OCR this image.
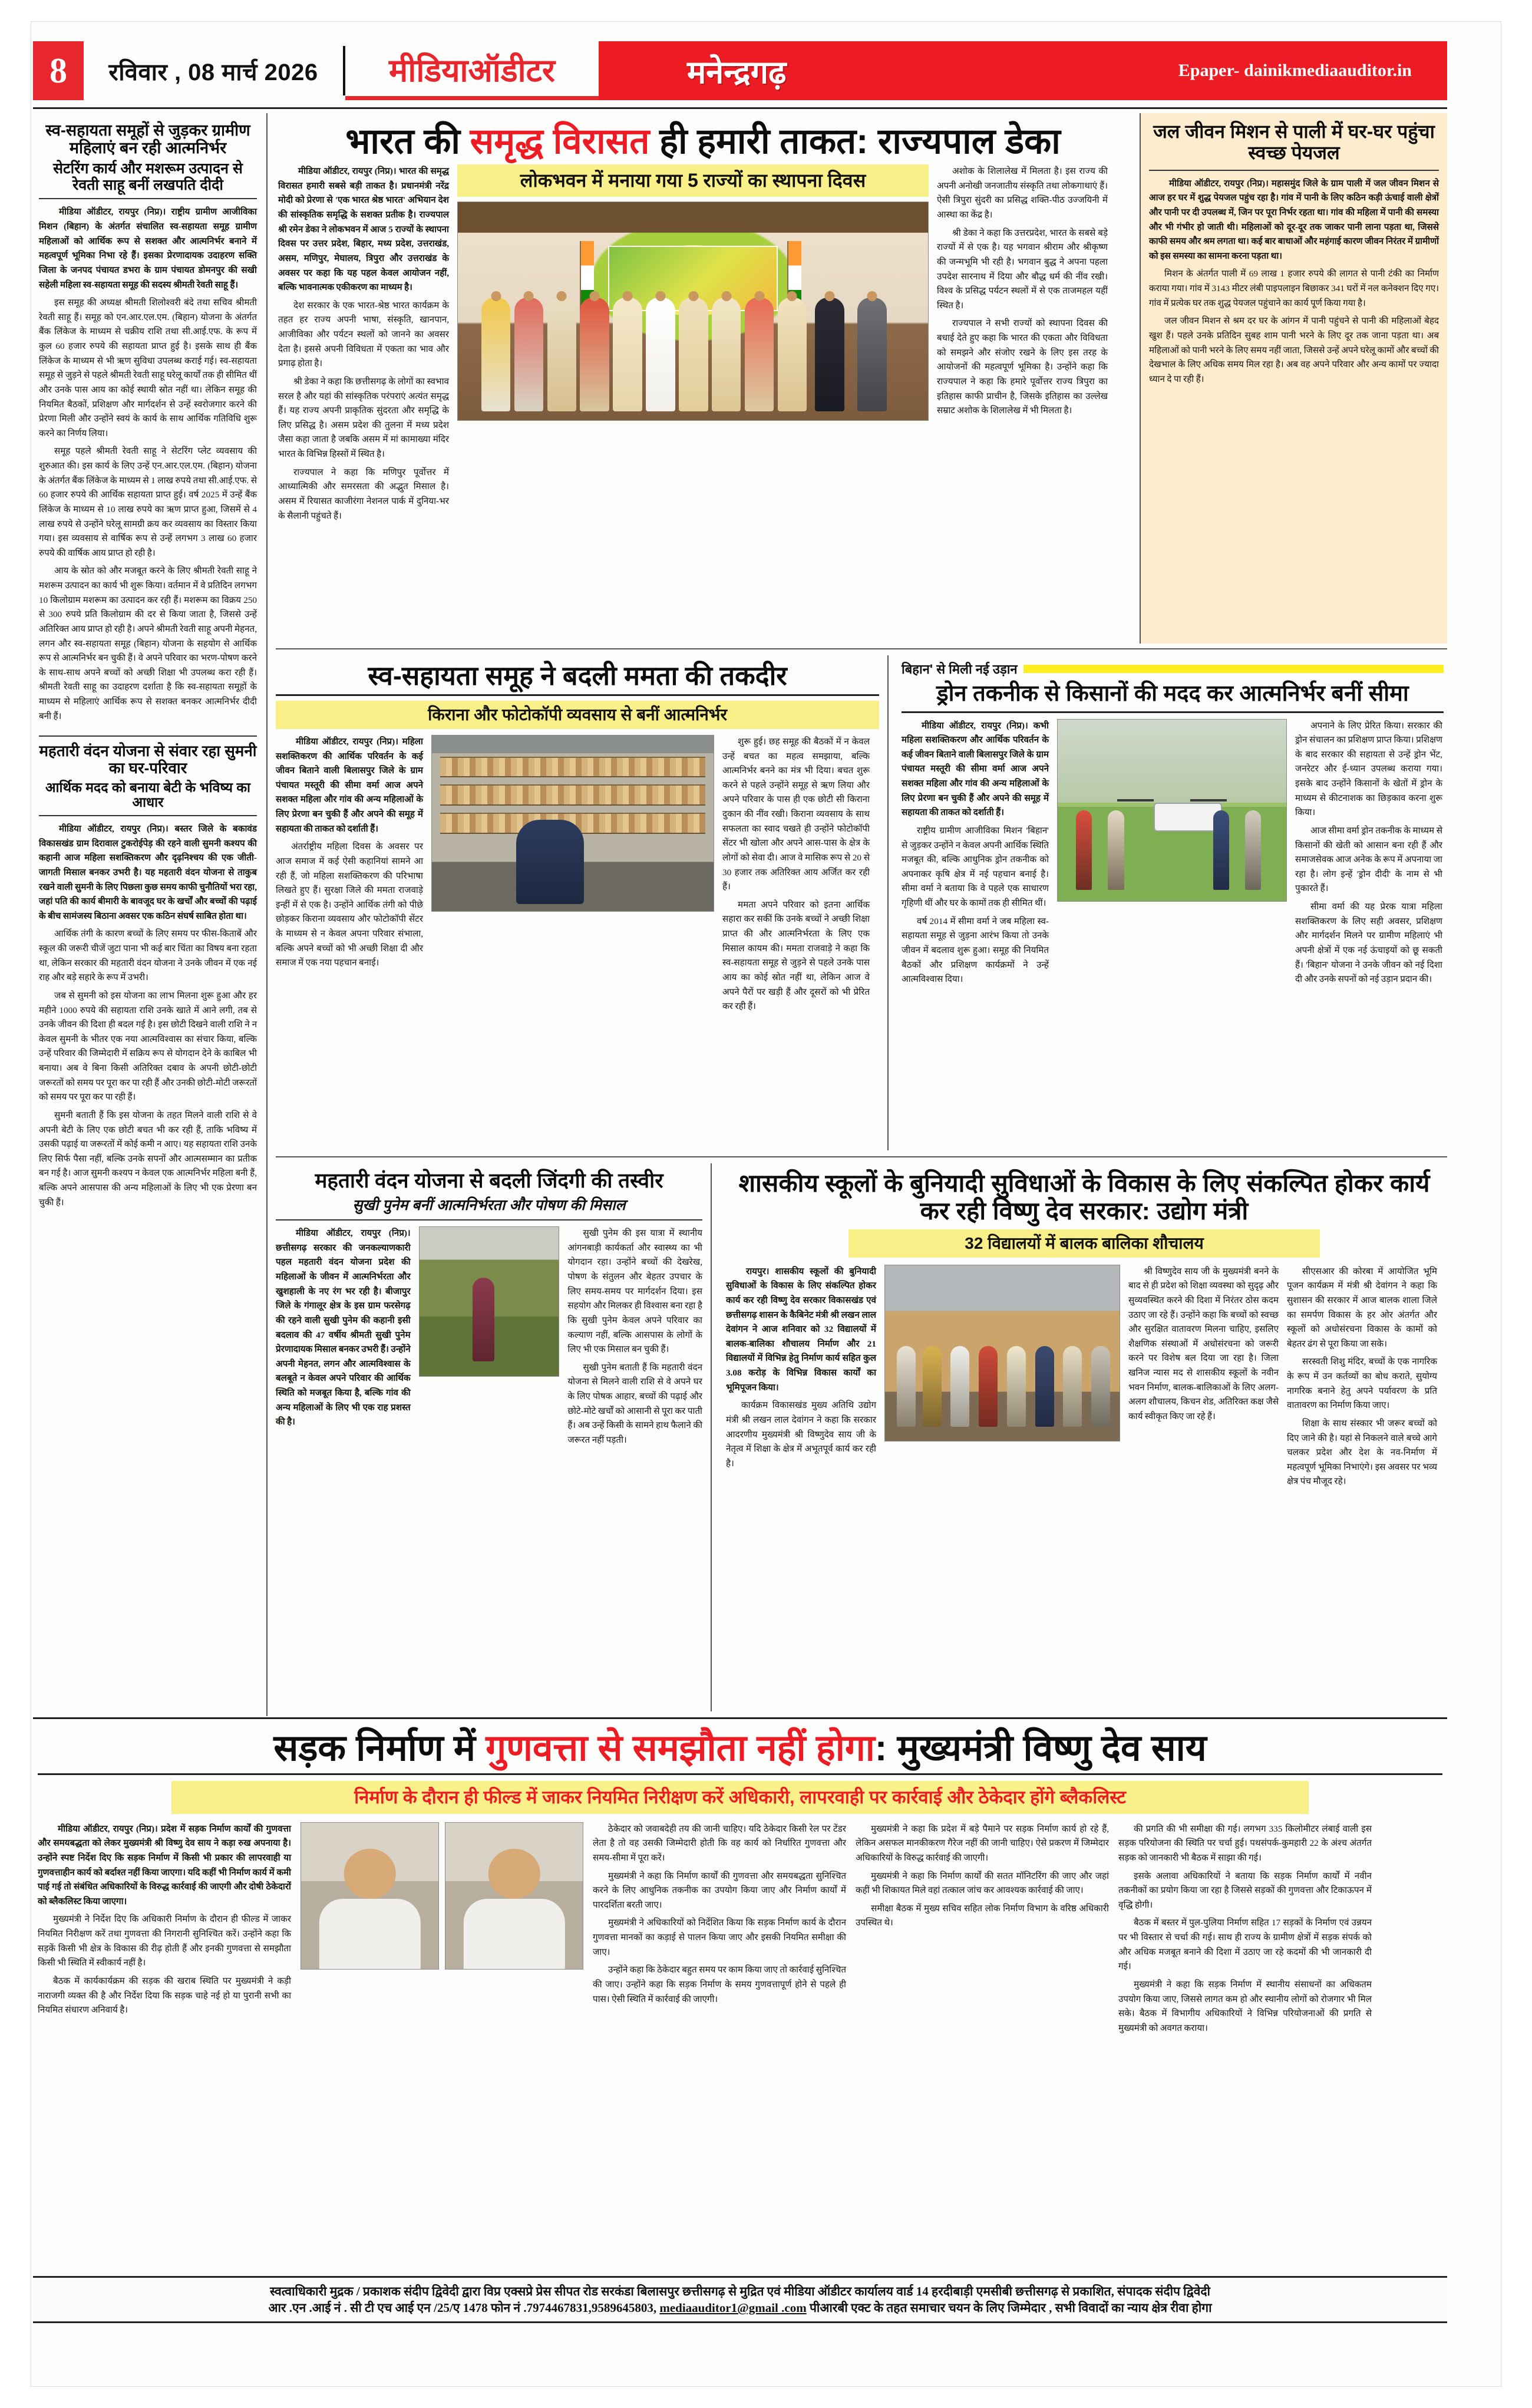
8	रविवार , 08 मार्च 2026	मीडियाऑडीटर	मनेन्द्रगढ़	Epaper- dainikmediaauditor.in
स्व-सहायता समूहों से जुड़कर ग्रामीण महिलाएं बन रही आत्मनिर्भर
सेटरिंग कार्य और मशरूम उत्पादन से रेवती साहू बनीं लखपति दीदी

मीडिया ऑडीटर, रायपुर (निप्र)। राष्ट्रीय ग्रामीण आजीविका मिशन (बिहान) के अंतर्गत संचालित स्व-सहायता समूह ग्रामीण महिलाओं को आर्थिक रूप से सशक्त और आत्मनिर्भर बनाने में महत्वपूर्ण भूमिका निभा रहे हैं। इसका प्रेरणादायक उदाहरण सक्ति जिला के जनपद पंचायत डभरा के ग्राम पंचायत डोमनपुर की सखी सहेली महिला स्व-सहायता समूह की सदस्य श्रीमती रेवती साहू हैं।

इस समूह की अध्यक्ष श्रीमती शिलोश्वरी बंदे तथा सचिव श्रीमती रेवती साहू हैं। समूह को एन.आर.एल.एम. (बिहान) योजना के अंतर्गत बैंक लिंकेज के माध्यम से चक्रीय राशि तथा सी.आई.एफ. के रूप में कुल 60 हजार रुपये की सहायता प्राप्त हुई है। इसके साथ ही बैंक लिंकेज के माध्यम से भी ऋण सुविधा उपलब्ध कराई गई। स्व-सहायता समूह से जुड़ने से पहले श्रीमती रेवती साहू घरेलू कार्यों तक ही सीमित थीं और उनके पास आय का कोई स्थायी स्रोत नहीं था। लेकिन समूह की नियमित बैठकों, प्रशिक्षण और मार्गदर्शन से उन्हें स्वरोजगार करने की प्रेरणा मिली और उन्होंने स्वयं के कार्य के साथ आर्थिक गतिविधि शुरू करने का निर्णय लिया।

समूह पहले श्रीमती रेवती साहू ने सेटरिंग प्लेट व्यवसाय की शुरुआत की। इस कार्य के लिए उन्हें एन.आर.एल.एम. (बिहान) योजना के अंतर्गत बैंक लिंकेज के माध्यम से 1 लाख रुपये तथा सी.आई.एफ. से 60 हजार रुपये की आर्थिक सहायता प्राप्त हुई। वर्ष 2025 में उन्हें बैंक लिंकेज के माध्यम से 10 लाख रुपये का ऋण प्राप्त हुआ, जिसमें से 4 लाख रुपये से उन्होंने घरेलू सामग्री क्रय कर व्यवसाय का विस्तार किया गया। इस व्यवसाय से वार्षिक रूप से उन्हें लगभग 3 लाख 60 हजार रुपये की वार्षिक आय प्राप्त हो रही है।

आय के स्रोत को और मजबूत करने के लिए श्रीमती रेवती साहू ने मशरूम उत्पादन का कार्य भी शुरू किया। वर्तमान में वे प्रतिदिन लगभग 10 किलोग्राम मशरूम का उत्पादन कर रही हैं। मशरूम का विक्रय 250 से 300 रुपये प्रति किलोग्राम की दर से किया जाता है, जिससे उन्हें अतिरिक्त आय प्राप्त हो रही है। अपने श्रीमती रेवती साहू अपनी मेहनत, लगन और स्व-सहायता समूह (बिहान) योजना के सहयोग से आर्थिक रूप से आत्मनिर्भर बन चुकी हैं। वे अपने परिवार का भरण-पोषण करने के साथ-साथ अपने बच्चों को अच्छी शिक्षा भी उपलब्ध करा रही हैं। श्रीमती रेवती साहू का उदाहरण दर्शाता है कि स्व-सहायता समूहों के माध्यम से महिलाएं आर्थिक रूप से सशक्त बनकर आत्मनिर्भर दीदी बनी हैं।

महतारी वंदन योजना से संवार रहा सुमनी का घर-परिवार
आर्थिक मदद को बनाया बेटी के भविष्य का आधार

मीडिया ऑडीटर, रायपुर (निप्र)। बस्तर जिले के बकावंड विकासखंड ग्राम दिरावाल टुकरोईपेड़ की रहने वाली सुमनी कश्यप की कहानी आज महिला सशक्तिकरण और दृढ़निश्चय की एक जीती-जागती मिसाल बनकर उभरी है। यह महतारी वंदन योजना से ताकुब रखने वाली सुमनी के लिए पिछला कुछ समय काफी चुनौतियों भरा रहा, जहां पति की कार्य बीमारी के बावजूद घर के खर्चों और बच्चों की पढ़ाई के बीच सामंजस्य बिठाना अवसर एक कठिन संघर्ष साबित होता था।

आर्थिक तंगी के कारण बच्चों के लिए समय पर फीस-किताबें और स्कूल की जरूरी चीजें जुटा पाना भी कई बार चिंता का विषय बना रहता था, लेकिन सरकार की महतारी वंदन योजना ने उनके जीवन में एक नई राह और बड़े सहारे के रूप में उभरी।

जब से सुमनी को इस योजना का लाभ मिलना शुरू हुआ और हर महीने 1000 रुपये की सहायता राशि उनके खाते में आने लगी, तब से उनके जीवन की दिशा ही बदल गई है। इस छोटी दिखने वाली राशि ने न केवल सुमनी के भीतर एक नया आत्मविश्वास का संचार किया, बल्कि उन्हें परिवार की जिम्मेदारी में सक्रिय रूप से योगदान देने के काबिल भी बनाया। अब वे बिना किसी अतिरिक्त दबाव के अपनी छोटी-छोटी जरूरतों को समय पर पूरा कर पा रही हैं और उनकी छोटी-मोटी जरूरतों को समय पर पूरा कर पा रही हैं।

सुमनी बताती हैं कि इस योजना के तहत मिलने वाली राशि से वे अपनी बेटी के लिए एक छोटी बचत भी कर रही हैं, ताकि भविष्य में उसकी पढ़ाई या जरूरतों में कोई कमी न आए। यह सहायता राशि उनके लिए सिर्फ पैसा नहीं, बल्कि उनके सपनों और आत्मसम्मान का प्रतीक बन गई है। आज सुमनी कश्यप न केवल एक आत्मनिर्भर महिला बनी हैं, बल्कि अपने आसपास की अन्य महिलाओं के लिए भी एक प्रेरणा बन चुकी हैं।

भारत की समृद्ध विरासत ही हमारी ताकत: राज्यपाल डेका

मीडिया ऑडीटर, रायपुर (निप्र)। भारत की समृद्ध विरासत हमारी सबसे बड़ी ताकत है। प्रधानमंत्री नरेंद्र मोदी को प्रेरणा से 'एक भारत श्रेष्ठ भारत' अभियान देश की सांस्कृतिक समृद्धि के सशक्त प्रतीक है। राज्यपाल श्री रमेन डेका ने लोकभवन में आज 5 राज्यों के स्थापना दिवस पर उत्तर प्रदेश, बिहार, मध्य प्रदेश, उत्तराखंड, असम, मणिपुर, मेघालय, त्रिपुरा और उत्तराखंड के अवसर पर कहा कि यह पहल केवल आयोजन नहीं, बल्कि भावनात्मक एकीकरण का माध्यम है।

देश सरकार के एक भारत-श्रेष्ठ भारत कार्यक्रम के तहत हर राज्य अपनी भाषा, संस्कृति, खानपान, आजीविका और पर्यटन स्थलों को जानने का अवसर देता है। इससे अपनी विविधता में एकता का भाव और प्रगाढ़ होता है।

श्री डेका ने कहा कि छत्तीसगढ़ के लोगों का स्वभाव सरल है और यहां की सांस्कृतिक परंपराएं अत्यंत समृद्ध हैं। यह राज्य अपनी प्राकृतिक सुंदरता और समृद्धि के लिए प्रसिद्ध है। असम प्रदेश की तुलना में मध्य प्रदेश जैसा कहा जाता है जबकि असम में मां कामाख्या मंदिर भारत के विभिन्न हिस्सों में स्थित है।

राज्यपाल ने कहा कि मणिपुर पूर्वोत्तर में आध्यात्मिकी और समरसता की अद्भुत मिसाल है। असम में रियासत काजीरंगा नेशनल पार्क में दुनिया-भर के सैलानी पहुंचते हैं।

लोकभवन में मनाया गया 5 राज्यों का स्थापना दिवस	अशोक के शिलालेख में मिलता है। इस राज्य की अपनी अनोखी जनजातीय संस्कृति तथा लोकगाथाएं हैं। ऐसी त्रिपुरा सुंदरी का प्रसिद्ध शक्ति-पीठ उज्जयिनी में आस्था का केंद्र है।

श्री डेका ने कहा कि उत्तरप्रदेश, भारत के सबसे बड़े राज्यों में से एक है। यह भगवान श्रीराम और श्रीकृष्ण की जन्मभूमि भी रही है। भगवान बुद्ध ने अपना पहला उपदेश सारनाथ में दिया और बौद्ध धर्म की नींव रखी। विश्व के प्रसिद्ध पर्यटन स्थलों में से एक ताजमहल यहीं स्थित है।

राज्यपाल ने सभी राज्यों को स्थापना दिवस की बधाई देते हुए कहा कि भारत की एकता और विविधता को समझने और संजोए रखने के लिए इस तरह के आयोजनों की महत्वपूर्ण भूमिका है। उन्होंने कहा कि राज्यपाल ने कहा कि हमारे पूर्वोत्तर राज्य त्रिपुरा का इतिहास काफी प्राचीन है, जिसके इतिहास का उल्लेख सम्राट अशोक के शिलालेख में भी मिलता है।

जल जीवन मिशन से पाली में घर-घर पहुंचा स्वच्छ पेयजल

मीडिया ऑडीटर, रायपुर (निप्र)। महासमुंद जिले के ग्राम पाली में जल जीवन मिशन से आज हर घर में शुद्ध पेयजल पहुंच रहा है। गांव में पानी के लिए कठिन कड़ी ऊंचाई वाली क्षेत्रों और पानी पर दी उपलब्ध में, जिन पर पूरा निर्भर रहता था। गांव की महिला में पानी की समस्या और भी गंभीर हो जाती थी। महिलाओं को दूर-दूर तक जाकर पानी लाना पड़ता था, जिससे काफी समय और श्रम लगता था। कई बार बाधाओं और महंगाई कारण जीवन निरंतर में ग्रामीणों को इस समस्या का सामना करना पड़ता था।

मिशन के अंतर्गत पाली में 69 लाख 1 हजार रुपये की लागत से पानी टंकी का निर्माण कराया गया। गांव में 3143 मीटर लंबी पाइपलाइन बिछाकर 341 घरों में नल कनेक्शन दिए गए। गांव में प्रत्येक घर तक शुद्ध पेयजल पहुंचाने का कार्य पूर्ण किया गया है।

जल जीवन मिशन से श्रम दर घर के आंगन में पानी पहुंचने से पानी की महिलाओं बेहद खुश हैं। पहले उनके प्रतिदिन सुबह शाम पानी भरने के लिए दूर तक जाना पड़ता था। अब महिलाओं को पानी भरने के लिए समय नहीं जाता, जिससे उन्हें अपने घरेलू कामों और बच्चों की देखभाल के लिए अधिक समय मिल रहा है। अब वह अपने परिवार और अन्य कामों पर ज्यादा ध्यान दे पा रही हैं।

स्व-सहायता समूह ने बदली ममता की तकदीर
किराना और फोटोकॉपी व्यवसाय से बनीं आत्मनिर्भर

मीडिया ऑडीटर, रायपुर (निप्र)। महिला सशक्तिकरण की आर्थिक परिवर्तन के कई जीवन बिताने वाली बिलासपुर जिले के ग्राम पंचायत मस्तूरी की सीमा वर्मा आज अपने सशक्त महिला और गांव की अन्य महिलाओं के लिए प्रेरणा बन चुकी हैं और अपने की समूह में सहायता की ताकत को दर्शाती हैं।

अंतर्राष्ट्रीय महिला दिवस के अवसर पर आज समाज में कई ऐसी कहानियां सामने आ रही हैं, जो महिला सशक्तिकरण की परिभाषा लिखते हुए हैं। सुरक्षा जिले की ममता राजवाड़े इन्हीं में से एक है। उन्होंने आर्थिक तंगी को पीछे छोड़कर किराना व्यवसाय और फोटोकॉपी सेंटर के माध्यम से न केवल अपना परिवार संभाला, बल्कि अपने बच्चों को भी अच्छी शिक्षा दी और समाज में एक नया पहचान बनाई।

शुरू हुई। छह समूह की बैठकों में न केवल उन्हें बचत का महत्व समझाया, बल्कि आत्मनिर्भर बनने का मंत्र भी दिया। बचत शुरू करने से पहले उन्होंने समूह से ऋण लिया और अपने परिवार के पास ही एक छोटी सी किराना दुकान की नींव रखी। किराना व्यवसाय के साथ सफलता का स्वाद चखते ही उन्होंने फोटोकॉपी सेंटर भी खोला और अपने आस-पास के क्षेत्र के लोगों को सेवा दी। आज वे मासिक रूप से 20 से 30 हजार तक अतिरिक्त आय अर्जित कर रही हैं।

ममता अपने परिवार को इतना आर्थिक सहारा कर सकीं कि उनके बच्चों ने अच्छी शिक्षा प्राप्त की और आत्मनिर्भरता के लिए एक मिसाल कायम की। ममता राजवाड़े ने कहा कि स्व-सहायता समूह से जुड़ने से पहले उनके पास आय का कोई स्रोत नहीं था, लेकिन आज वे अपने पैरों पर खड़ी हैं और दूसरों को भी प्रेरित कर रही हैं।

बिहान' से मिली नई उड़ान
ड्रोन तकनीक से किसानों की मदद कर आत्मनिर्भर बनीं सीमा

मीडिया ऑडीटर, रायपुर (निप्र)। कभी महिला सशक्तिकरण और आर्थिक परिवर्तन के कई जीवन बिताने वाली बिलासपुर जिले के ग्राम पंचायत मस्तूरी की सीमा वर्मा आज अपने सशक्त महिला और गांव की अन्य महिलाओं के लिए प्रेरणा बन चुकी हैं और अपने की समूह में सहायता की ताकत को दर्शाती हैं।

राष्ट्रीय ग्रामीण आजीविका मिशन 'बिहान' से जुड़कर उन्होंने न केवल अपनी आर्थिक स्थिति मजबूत की, बल्कि आधुनिक ड्रोन तकनीक को अपनाकर कृषि क्षेत्र में नई पहचान बनाई है। सीमा वर्मा ने बताया कि वे पहले एक साधारण गृहिणी थीं और घर के कामों तक ही सीमित थीं।

वर्ष 2014 में सीमा वर्मा ने जब महिला स्व-सहायता समूह से जुड़ना आरंभ किया तो उनके जीवन में बदलाव शुरू हुआ। समूह की नियमित बैठकों और प्रशिक्षण कार्यक्रमों ने उन्हें आत्मविश्वास दिया।

अपनाने के लिए प्रेरित किया। सरकार की ड्रोन संचालन का प्रशिक्षण प्राप्त किया। प्रशिक्षण के बाद सरकार की सहायता से उन्हें ड्रोन भेंट, जनरेटर और ई-ध्यान उपलब्ध कराया गया। इसके बाद उन्होंने किसानों के खेतों में ड्रोन के माध्यम से कीटनाशक का छिड़काव करना शुरू किया।

आज सीमा वर्मा ड्रोन तकनीक के माध्यम से किसानों की खेती को आसान बना रही हैं और समाजसेवक आज अनेक के रूप में अपनाया जा रहा है। लोग इन्हें 'ड्रोन दीदी' के नाम से भी पुकारते हैं।

सीमा वर्मा की यह प्रेरक यात्रा महिला सशक्तिकरण के लिए सही अवसर, प्रशिक्षण और मार्गदर्शन मिलने पर ग्रामीण महिलाएं भी अपनी क्षेत्रों में एक नई ऊंचाइयों को छू सकती हैं। 'बिहान' योजना ने उनके जीवन को नई दिशा दी और उनके सपनों को नई उड़ान प्रदान की।

महतारी वंदन योजना से बदली जिंदगी की तस्वीर
सुखी पुनेम बनीं आत्मनिर्भरता और पोषण की मिसाल

मीडिया ऑडीटर, रायपुर (निप्र)। छत्तीसगढ़ सरकार की जनकल्याणकारी पहल महतारी वंदन योजना प्रदेश की महिलाओं के जीवन में आत्मनिर्भरता और खुशहाली के नए रंग भर रही है। बीजापुर जिले के गंगालूर क्षेत्र के इस ग्राम फरसेगढ़ की रहने वाली सुखी पुनेम की कहानी इसी बदलाव की 47 वर्षीय श्रीमती सुखी पुनेम प्रेरणादायक मिसाल बनकर उभरी हैं। उन्होंने अपनी मेहनत, लगन और आत्मविश्वास के बलबूते न केवल अपने परिवार की आर्थिक स्थिति को मजबूत किया है, बल्कि गांव की अन्य महिलाओं के लिए भी एक राह प्रशस्त की है।

सुखी पुनेम की इस यात्रा में स्थानीय आंगनबाड़ी कार्यकर्ता और स्वास्थ्य का भी योगदान रहा। उन्होंने बच्चों की देखरेख, पोषण के संतुलन और बेहतर उपचार के लिए समय-समय पर मार्गदर्शन दिया। इस सहयोग और मिलकर ही विश्वास बना रहा है कि सुखी पुनेम केवल अपने परिवार का कल्याण नहीं, बल्कि आसपास के लोगों के लिए भी एक मिसाल बन चुकी हैं।

सुखी पुनेम बताती हैं कि महतारी वंदन योजना से मिलने वाली राशि से वे अपने घर के लिए पोषक आहार, बच्चों की पढ़ाई और छोटे-मोटे खर्चों को आसानी से पूरा कर पाती हैं। अब उन्हें किसी के सामने हाथ फैलाने की जरूरत नहीं पड़ती।

शासकीय स्कूलों के बुनियादी सुविधाओं के विकास के लिए संकल्पित होकर कार्य कर रही विष्णु देव सरकार: उद्योग मंत्री
32 विद्यालयों में बालक बालिका शौचालय

रायपुर। शासकीय स्कूलों की बुनियादी सुविधाओं के विकास के लिए संकल्पित होकर कार्य कर रही विष्णु देव सरकार विकासखंड एवं छत्तीसगढ़ शासन के कैबिनेट मंत्री श्री लखन लाल देवांगन ने आज शनिवार को 32 विद्यालयों में बालक-बालिका शौचालय निर्माण और 21 विद्यालयों में विभिन्न हेतु निर्माण कार्य सहित कुल 3.08 करोड़ के विभिन्न विकास कार्यों का भूमिपूजन किया।

कार्यक्रम विकासखंड मुख्य अतिथि उद्योग मंत्री श्री लखन लाल देवांगन ने कहा कि सरकार आदरणीय मुख्यमंत्री श्री विष्णुदेव साय जी के नेतृत्व में शिक्षा के क्षेत्र में अभूतपूर्व कार्य कर रही है।

श्री विष्णुदेव साय जी के मुख्यमंत्री बनने के बाद से ही प्रदेश को शिक्षा व्यवस्था को सुदृढ़ और सुव्यवस्थित करने की दिशा में निरंतर ठोस कदम उठाए जा रहे हैं। उन्होंने कहा कि बच्चों को स्वच्छ और सुरक्षित वातावरण मिलना चाहिए, इसलिए शैक्षणिक संस्थाओं में अधोसंरचना को जरूरी करने पर विशेष बल दिया जा रहा है। जिला खनिज न्यास मद से शासकीय स्कूलों के नवीन भवन निर्माण, बालक-बालिकाओं के लिए अलग-अलग शौचालय, किचन शेड, अतिरिक्त कक्ष जैसे कार्य स्वीकृत किए जा रहे हैं।

सीएसआर की कोरबा में आयोजित भूमि पूजन कार्यक्रम में मंत्री श्री देवांगन ने कहा कि सुशासन की सरकार में आज बालक शाला जिले का समर्पण विकास के हर ओर अंतर्गत और स्कूलों को अधोसंरचना विकास के कामों को बेहतर ढंग से पूरा किया जा सके।

सरस्वती शिशु मंदिर, बच्चों के एक नागरिक के रूप में उन कर्तव्यों का बोध कराते, सुयोग्य नागरिक बनाने हेतु अपने पर्यावरण के प्रति वातावरण का निर्माण किया जाए।

शिक्षा के साथ संस्कार भी जरूर बच्चों को दिए जाने की है। यहां से निकलने वाले बच्चे आगे चलकर प्रदेश और देश के नव-निर्माण में महत्वपूर्ण भूमिका निभाएंगे। इस अवसर पर भव्य क्षेत्र पंच मौजूद रहे।

सड़क निर्माण में गुणवत्ता से समझौता नहीं होगा: मुख्यमंत्री विष्णु देव साय
निर्माण के दौरान ही फील्ड में जाकर नियमित निरीक्षण करें अधिकारी, लापरवाही पर कार्रवाई और ठेकेदार होंगे ब्लैकलिस्ट

मीडिया ऑडीटर, रायपुर (निप्र)। प्रदेश में सड़क निर्माण कार्यों की गुणवत्ता और समयबद्धता को लेकर मुख्यमंत्री श्री विष्णु देव साय ने कड़ा रुख अपनाया है। उन्होंने स्पष्ट निर्देश दिए कि सड़क निर्माण में किसी भी प्रकार की लापरवाही या गुणवत्ताहीन कार्य को बर्दाश्त नहीं किया जाएगा। यदि कहीं भी निर्माण कार्य में कमी पाई गई तो संबंधित अधिकारियों के विरुद्ध कार्रवाई की जाएगी और दोषी ठेकेदारों को ब्लैकलिस्ट किया जाएगा।

मुख्यमंत्री ने निर्देश दिए कि अधिकारी निर्माण के दौरान ही फील्ड में जाकर नियमित निरीक्षण करें तथा गुणवत्ता की निगरानी सुनिश्चित करें। उन्होंने कहा कि सड़कें किसी भी क्षेत्र के विकास की रीढ़ होती हैं और इनकी गुणवत्ता से समझौता किसी भी स्थिति में स्वीकार्य नहीं है।

बैठक में कार्यकार्यक्रम की सड़क की खराब स्थिति पर मुख्यमंत्री ने कड़ी नाराजगी व्यक्त की है और निर्देश दिया कि सड़क चाहे नई हो या पुरानी सभी का नियमित संधारण अनिवार्य है।

ठेकेदार को जवाबदेही तय की जानी चाहिए। यदि ठेकेदार किसी रेल पर टेंडर लेता है तो वह उसकी जिम्मेदारी होती कि वह कार्य को निर्धारित गुणवत्ता और समय-सीमा में पूरा करें।

मुख्यमंत्री ने कहा कि निर्माण कार्यों की गुणवत्ता और समयबद्धता सुनिश्चित करने के लिए आधुनिक तकनीक का उपयोग किया जाए और निर्माण कार्यों में पारदर्शिता बरती जाए।

मुख्यमंत्री ने अधिकारियों को निर्देशित किया कि सड़क निर्माण कार्य के दौरान गुणवत्ता मानकों का कड़ाई से पालन किया जाए और इसकी नियमित समीक्षा की जाए।

उन्होंने कहा कि ठेकेदार बहुत समय पर काम किया जाए तो कार्रवाई सुनिश्चित की जाए। उन्होंने कहा कि सड़क निर्माण के समय गुणवत्तापूर्ण होने से पहले ही पास। ऐसी स्थिति में कार्रवाई की जाएगी।

मुख्यमंत्री ने कहा कि प्रदेश में बड़े पैमाने पर सड़क निर्माण कार्य हो रहे हैं, लेकिन असफल मानकीकरण गैरेज नहीं की जानी चाहिए। ऐसे प्रकरण में जिम्मेदार अधिकारियों के विरुद्ध कार्रवाई की जाएगी।

मुख्यमंत्री ने कहा कि निर्माण कार्यों की सतत मॉनिटरिंग की जाए और जहां कहीं भी शिकायत मिले वहां तत्काल जांच कर आवश्यक कार्रवाई की जाए।

समीक्षा बैठक में मुख्य सचिव सहित लोक निर्माण विभाग के वरिष्ठ अधिकारी उपस्थित थे।

की प्रगति की भी समीक्षा की गई। लगभग 335 किलोमीटर लंबाई वाली इस सड़क परियोजना की स्थिति पर चर्चा हुई। पथसंपर्क-कुमहारी 22 के अंश्च अंतर्गत सड़क को जानकारी भी बैठक में साझा की गई।

इसके अलावा अधिकारियों ने बताया कि सड़क निर्माण कार्यों में नवीन तकनीकों का प्रयोग किया जा रहा है जिससे सड़कों की गुणवत्ता और टिकाऊपन में वृद्धि होगी।

बैठक में बस्तर में पुल-पुलिया निर्माण सहित 17 सड़कों के निर्माण एवं उन्नयन पर भी विस्तार से चर्चा की गई। साथ ही राज्य के ग्रामीण क्षेत्रों में सड़क संपर्क को और अधिक मजबूत बनाने की दिशा में उठाए जा रहे कदमों की भी जानकारी दी गई।

मुख्यमंत्री ने कहा कि सड़क निर्माण में स्थानीय संसाधनों का अधिकतम उपयोग किया जाए, जिससे लागत कम हो और स्थानीय लोगों को रोजगार भी मिल सके। बैठक में विभागीय अधिकारियों ने विभिन्न परियोजनाओं की प्रगति से मुख्यमंत्री को अवगत कराया।

स्वत्वाधिकारी मुद्रक / प्रकाशक संदीप द्विवेदी द्वारा विप्र एक्सप्रे प्रेस सीपत रोड सरकंडा बिलासपुर छत्तीसगढ़ से मुद्रित एवं मीडिया ऑडीटर कार्यालय वार्ड 14 हरदीबाड़ी एमसीबी छत्तीसगढ़ से प्रकाशित, संपादक संदीप द्विवेदी
आर .एन .आई नं . सी टी एच आई एन /25/ए 1478 फोन नं .7974467831,9589645803, mediaauditor1@gmail .com पीआरबी एक्ट के तहत समाचार चयन के लिए जिम्मेदार , सभी विवादों का न्याय क्षेत्र रीवा होगा
